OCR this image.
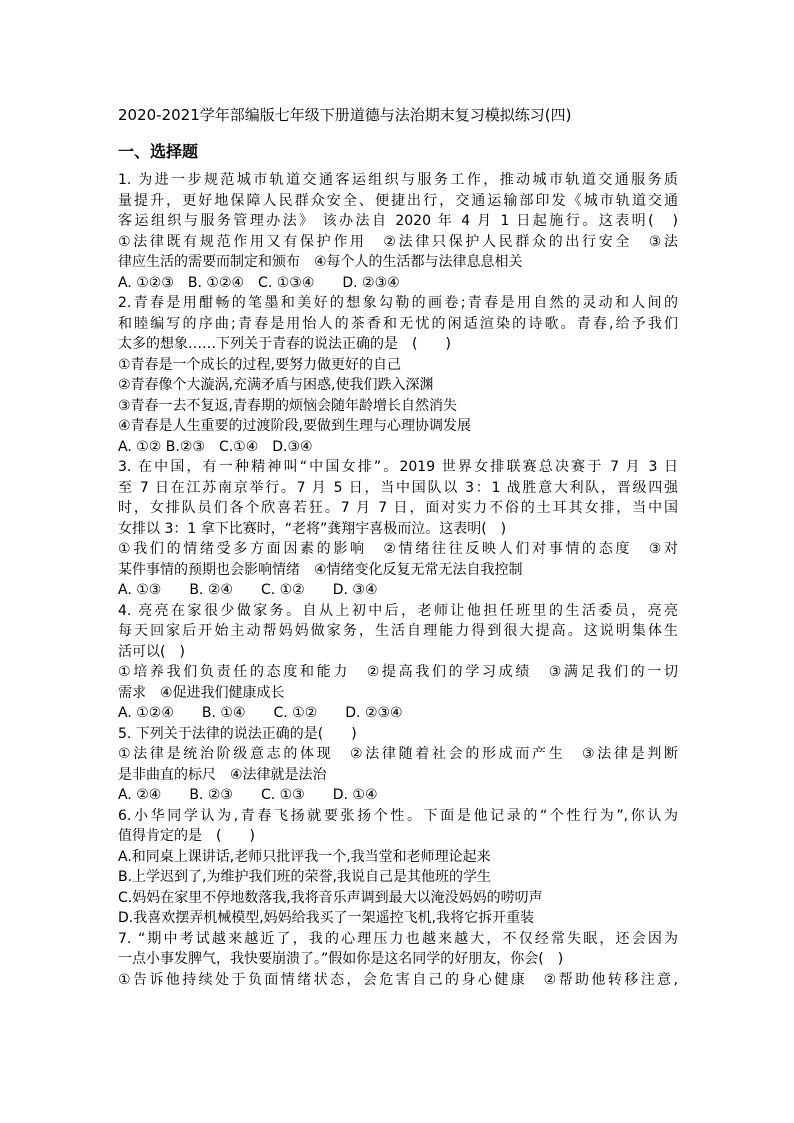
2020-2021学年部编版七年级下册道德与法治期末复习模拟练习(四)
一、选择题
1. 为进一步规范城市轨道交通客运组织与服务工作，推动城市轨道交通服务质
量提升，更好地保障人民群众安全、便捷出行，交通运输部印发《城市轨道交通
客运组织与服务管理办法》 该办法自 2020 年 4 月 1 日起施行。这表明(　)
①法律既有规范作用又有保护作用　②法律只保护人民群众的出行安全　③法
律应生活的需要而制定和颁布　④每个人的生活都与法律息息相关
A. ①②③　B. ①②④　C. ①③④　　D. ②③④
2.青春是用酣畅的笔墨和美好的想象勾勒的画卷;青春是用自然的灵动和人间的
和睦编写的序曲;青春是用怡人的茶香和无忧的闲适渲染的诗歌。青春,给予我们
太多的想象……下列关于青春的说法正确的是　(　　)
①青春是一个成长的过程,要努力做更好的自己
②青春像个大漩涡,充满矛盾与困惑,使我们跌入深渊
③青春一去不复返,青春期的烦恼会随年龄增长自然消失
④青春是人生重要的过渡阶段,要做到生理与心理协调发展
A. ①② B.②③　C.①④　D.③④
3. 在中国，有一种精神叫“中国女排”。2019 世界女排联赛总决赛于 7 月 3 日
至 7 日在江苏南京举行。7 月 5 日，当中国队以 3：1 战胜意大利队，晋级四强
时，女排队员们各个欣喜若狂。7 月 7 日，面对实力不俗的土耳其女排，当中国
女排以 3：1 拿下比赛时，“老将”龚翔宇喜极而泣。这表明(　)
①我们的情绪受多方面因素的影响　②情绪往往反映人们对事情的态度　③对
某件事情的预期也会影响情绪　④情绪变化反复无常无法自我控制
A. ①③　　B. ②④　　C. ①②　　D. ③④
4. 亮亮在家很少做家务。自从上初中后，老师让他担任班里的生活委员，亮亮
每天回家后开始主动帮妈妈做家务，生活自理能力得到很大提高。这说明集体生
活可以(　)
①培养我们负责任的态度和能力　②提高我们的学习成绩　③满足我们的一切
需求　④促进我们健康成长
A. ①②④　　B. ①④　　C. ①②　　D. ②③④
5. 下列关于法律的说法正确的是(　　)
①法律是统治阶级意志的体现　②法律随着社会的形成而产生　③法律是判断
是非曲直的标尺　④法律就是法治
A. ②④　　B. ②③　　C. ①③　　D. ①④
6.小华同学认为,青春飞扬就要张扬个性。下面是他记录的“个性行为”,你认为
值得肯定的是　(　　)
A.和同桌上课讲话,老师只批评我一个,我当堂和老师理论起来
B.上学迟到了,为维护我们班的荣誉,我说自己是其他班的学生
C.妈妈在家里不停地数落我,我将音乐声调到最大以淹没妈妈的唠叨声
D.我喜欢摆弄机械模型,妈妈给我买了一架遥控飞机,我将它拆开重装
7. “期中考试越来越近了，我的心理压力也越来越大，不仅经常失眠，还会因为
一点小事发脾气，我快要崩溃了。”假如你是这名同学的好朋友，你会(　)
①告诉他持续处于负面情绪状态，会危害自己的身心健康　②帮助他转移注意,
